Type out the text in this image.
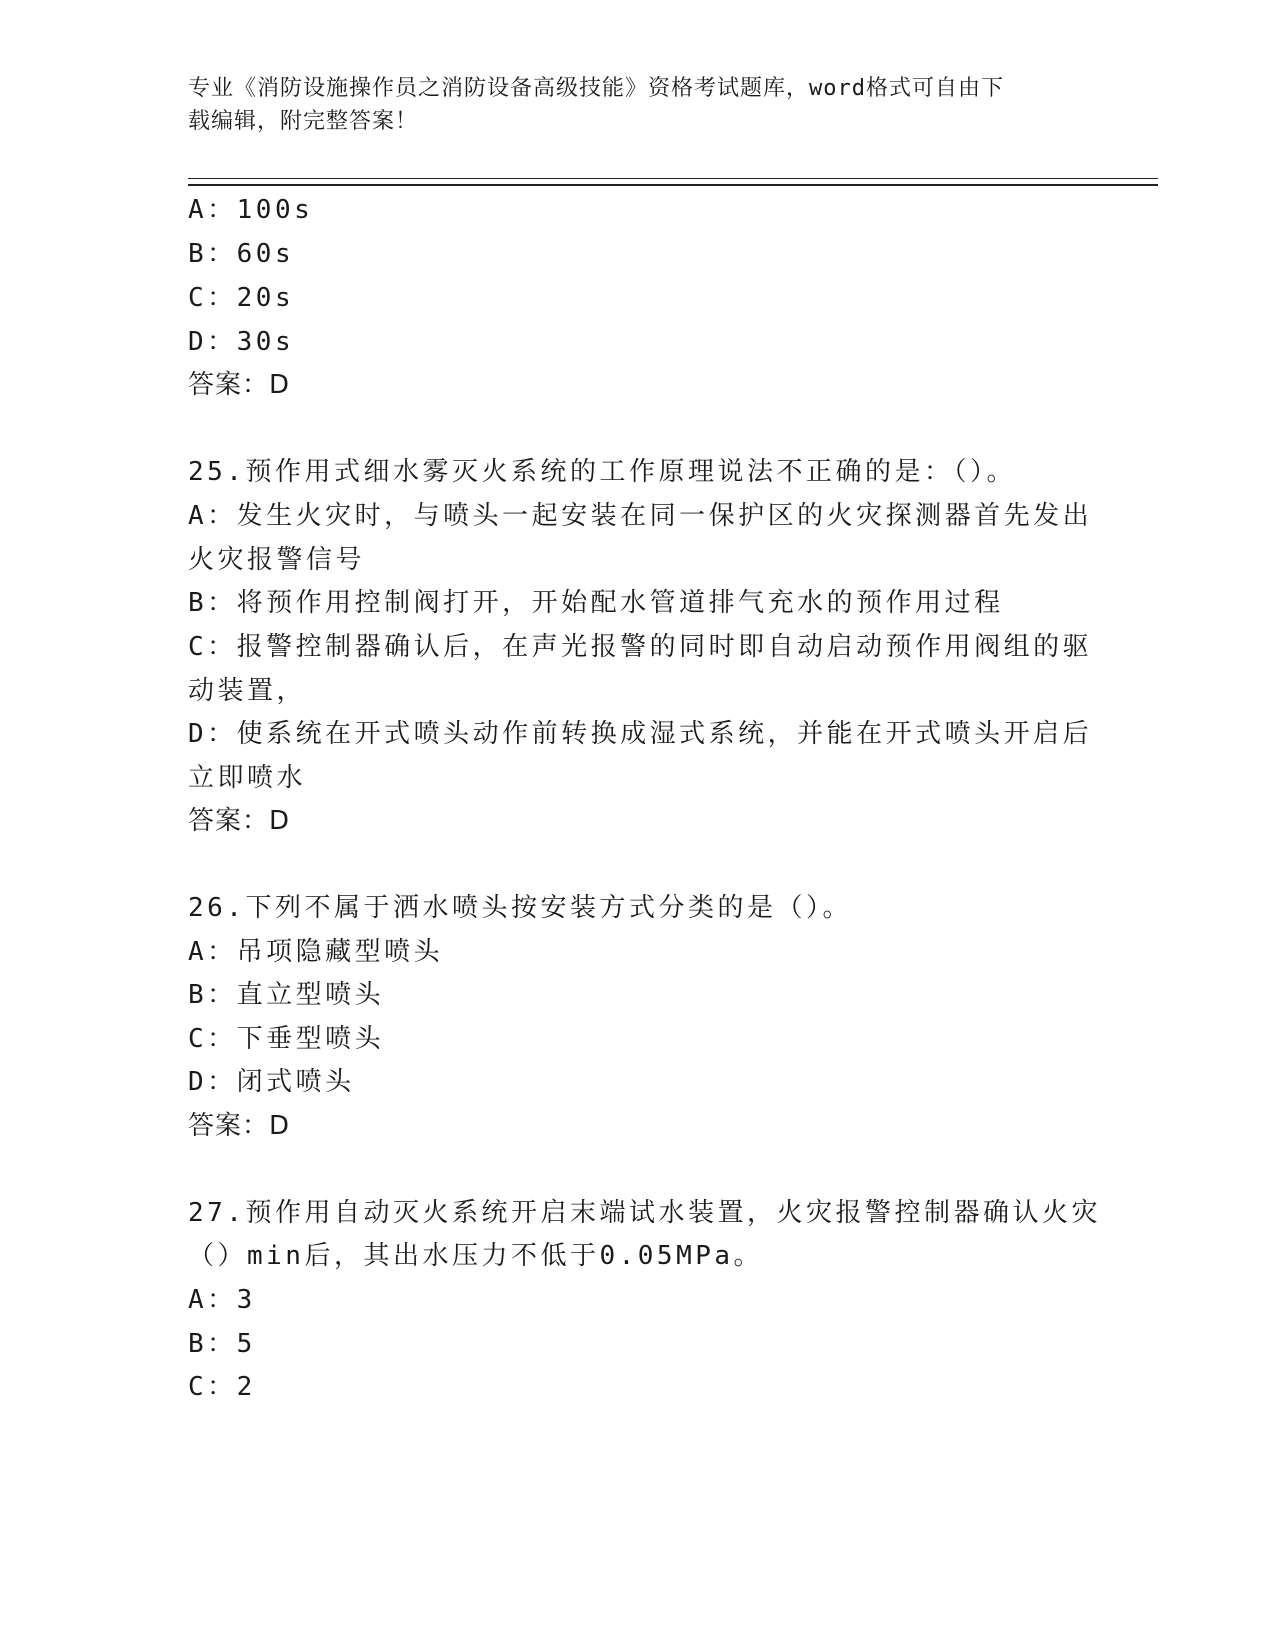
专业《消防设施操作员之消防设备高级技能》资格考试题库，word格式可自由下
载编辑，附完整答案！
A：100s
B：60s
C：20s
D：30s
答案：D
25.预作用式细水雾灭火系统的工作原理说法不正确的是：（）。
A：发生火灾时，与喷头一起安装在同一保护区的火灾探测器首先发出
火灾报警信号
B：将预作用控制阀打开，开始配水管道排气充水的预作用过程
C：报警控制器确认后，在声光报警的同时即自动启动预作用阀组的驱
动装置，
D：使系统在开式喷头动作前转换成湿式系统，并能在开式喷头开启后
立即喷水
答案：D
26.下列不属于洒水喷头按安装方式分类的是（）。
A：吊项隐藏型喷头
B：直立型喷头
C：下垂型喷头
D：闭式喷头
答案：D
27.预作用自动灭火系统开启末端试水装置，火灾报警控制器确认火灾
（）min后，其出水压力不低于0.05MPa。
A：3
B：5
C：2
